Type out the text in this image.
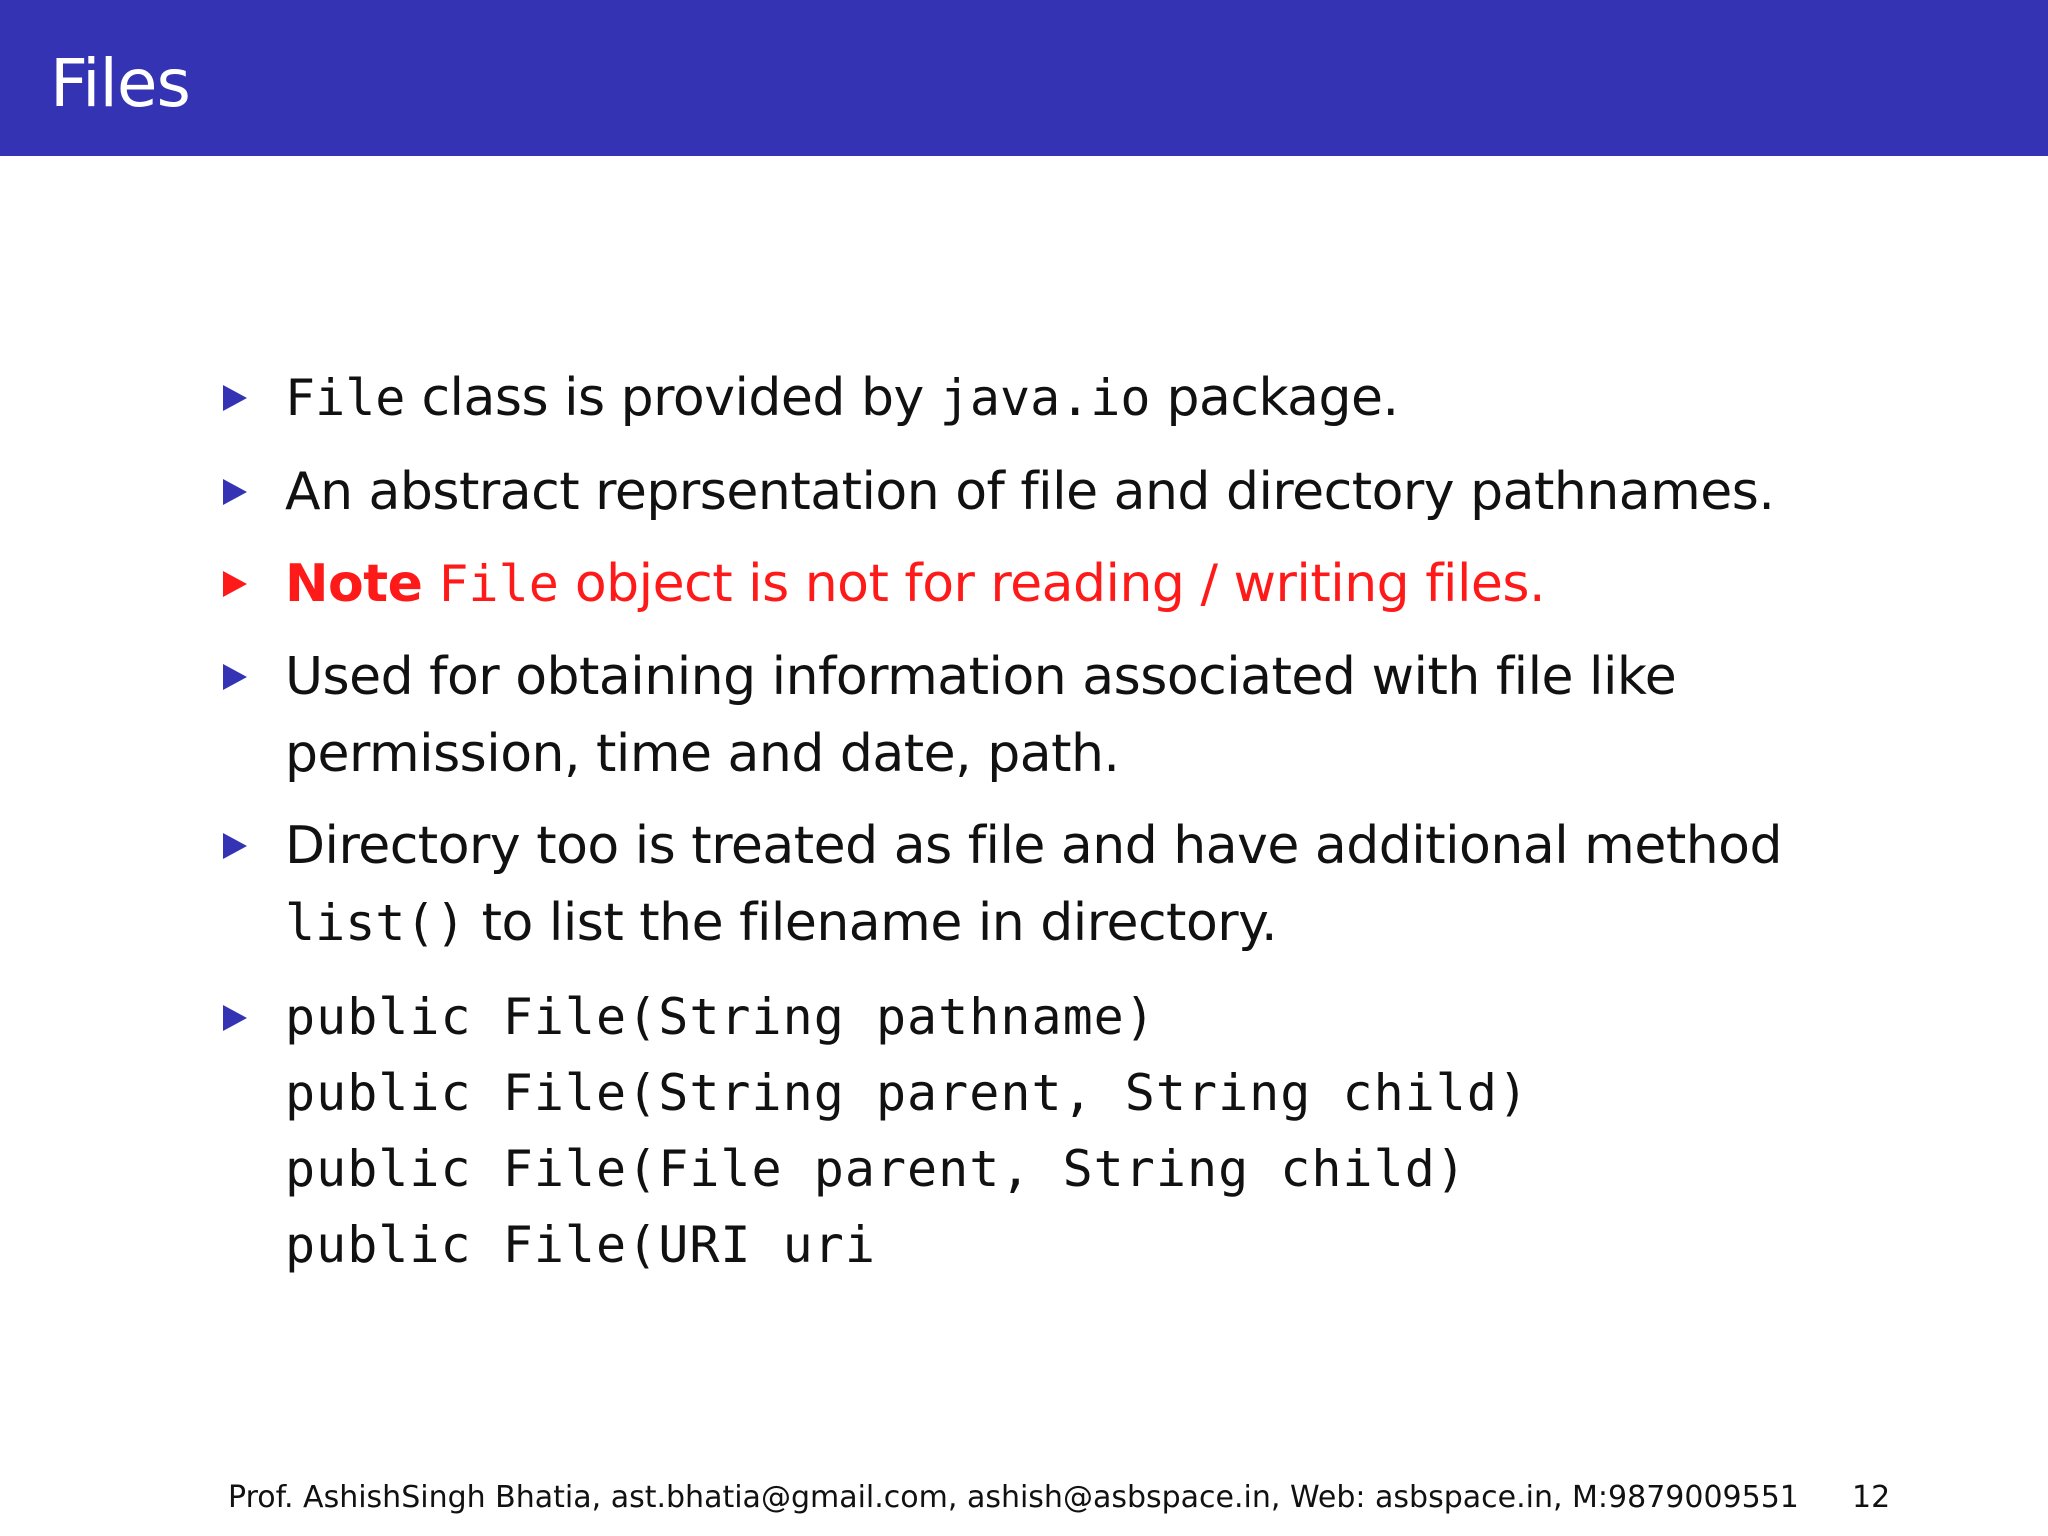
Files
File class is provided by java.io package.
An abstract reprsentation of file and directory pathnames.
Note File object is not for reading / writing files.
Used for obtaining information associated with file like
permission, time and date, path.
Directory too is treated as file and have additional method
list() to list the filename in directory.
public File(String pathname)
public File(String parent, String child)
public File(File parent, String child)
public File(URI uri
Prof. AshishSingh Bhatia, ast.bhatia@gmail.com, ashish@asbspace.in, Web: asbspace.in, M:9879009551 12
